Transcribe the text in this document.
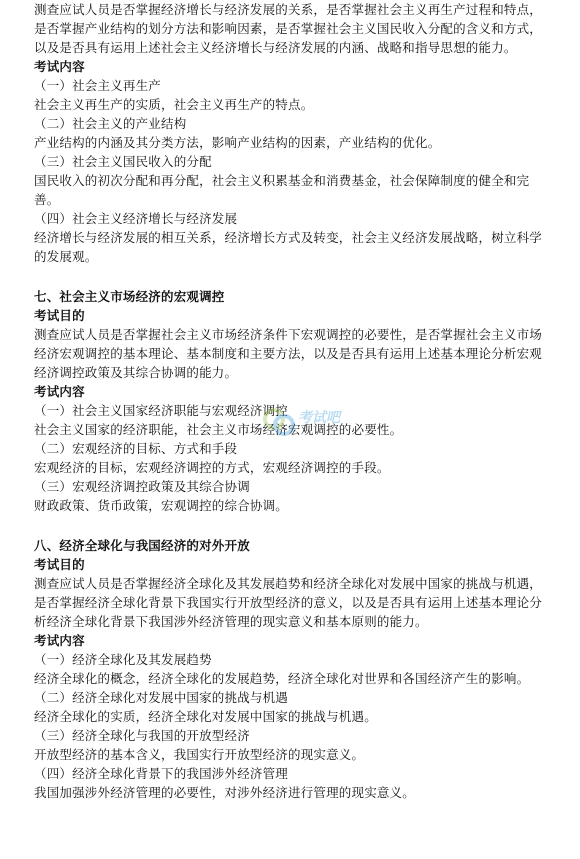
测查应试人员是否掌握经济增长与经济发展的关系，是否掌握社会主义再生产过程和特点，是否掌握产业结构的划分方法和影响因素，是否掌握社会主义国民收入分配的含义和方式，以及是否具有运用上述社会主义经济增长与经济发展的内涵、战略和指导思想的能力。

考试内容

（一）社会主义再生产

社会主义再生产的实质，社会主义再生产的特点。

（二）社会主义的产业结构

产业结构的内涵及其分类方法，影响产业结构的因素，产业结构的优化。

（三）社会主义国民收入的分配

国民收入的初次分配和再分配，社会主义积累基金和消费基金，社会保障制度的健全和完善。

（四）社会主义经济增长与经济发展

经济增长与经济发展的相互关系，经济增长方式及转变，社会主义经济发展战略，树立科学的发展观。

七、社会主义市场经济的宏观调控

考试目的

测查应试人员是否掌握社会主义市场经济条件下宏观调控的必要性，是否掌握社会主义市场经济宏观调控的基本理论、基本制度和主要方法，以及是否具有运用上述基本理论分析宏观经济调控政策及其综合协调的能力。

考试内容

（一）社会主义国家经济职能与宏观经济调控

社会主义国家的经济职能，社会主义市场经济宏观调控的必要性。

（二）宏观经济的目标、方式和手段

宏观经济的目标，宏观经济调控的方式，宏观经济调控的手段。

（三）宏观经济调控政策及其综合协调

财政政策、货币政策，宏观调控的综合协调。

八、经济全球化与我国经济的对外开放

考试目的

测查应试人员是否掌握经济全球化及其发展趋势和经济全球化对发展中国家的挑战与机遇，是否掌握经济全球化背景下我国实行开放型经济的意义，以及是否具有运用上述基本理论分析经济全球化背景下我国涉外经济管理的现实意义和基本原则的能力。

考试内容

（一）经济全球化及其发展趋势

经济全球化的概念，经济全球化的发展趋势，经济全球化对世界和各国经济产生的影响。

（二）经济全球化对发展中国家的挑战与机遇

经济全球化的实质，经济全球化对发展中国家的挑战与机遇。

（三）经济全球化与我国的开放型经济

开放型经济的基本含义，我国实行开放型经济的现实意义。

（四）经济全球化背景下的我国涉外经济管理

我国加强涉外经济管理的必要性，对涉外经济进行管理的现实意义。

考试吧
